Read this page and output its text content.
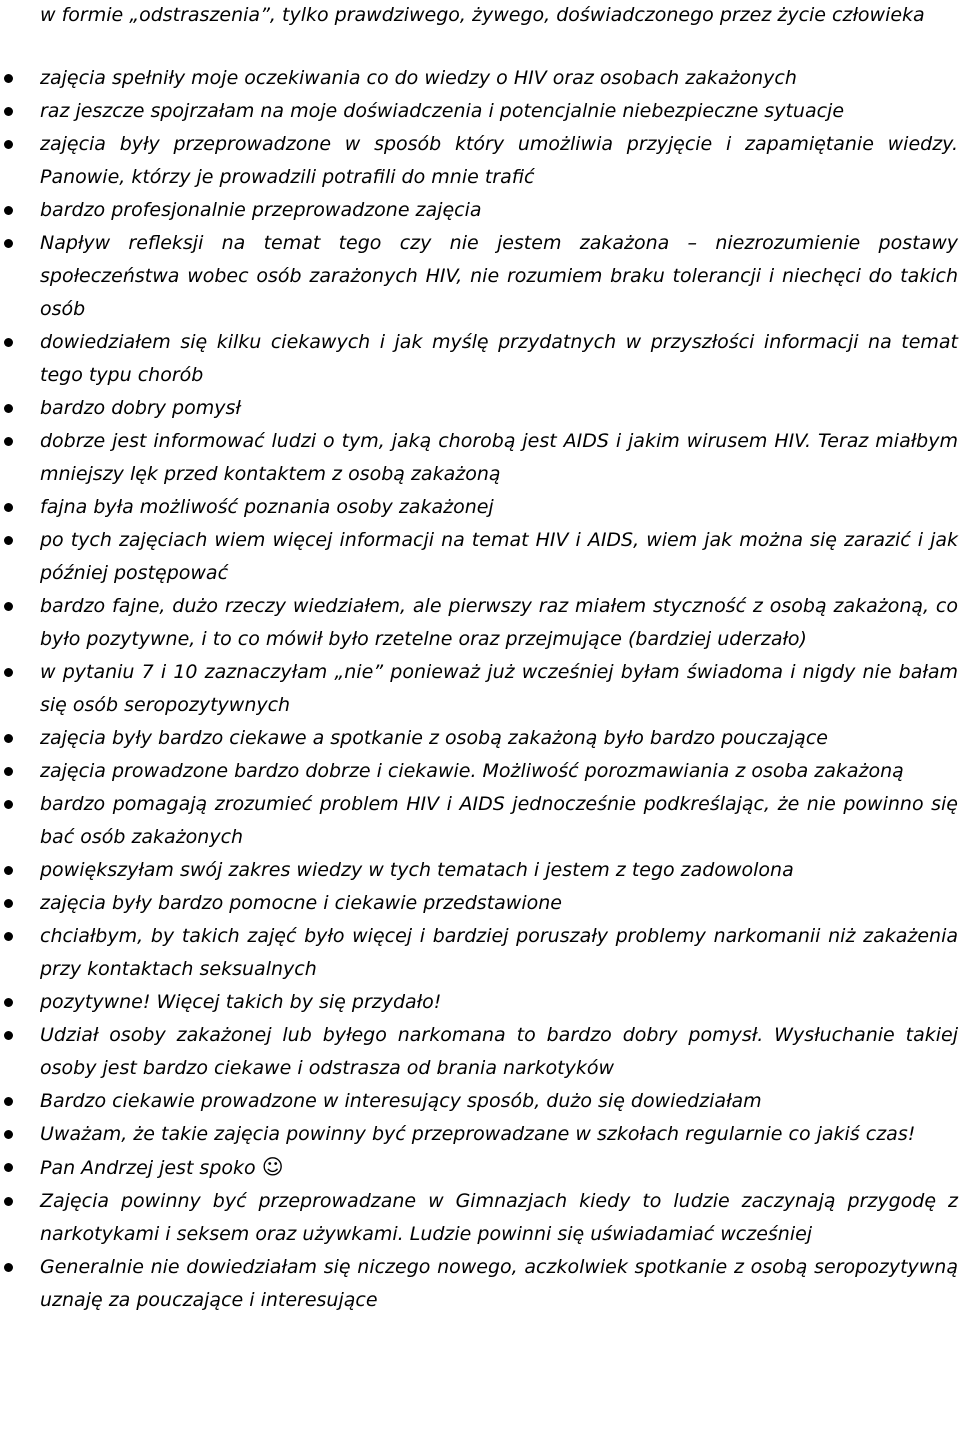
w formie „odstraszenia”, tylko prawdziwego, żywego, doświadczonego przez życie człowieka

zajęcia spełniły moje oczekiwania co do wiedzy o HIV oraz osobach zakażonych
raz jeszcze spojrzałam na moje doświadczenia i potencjalnie niebezpieczne sytuacje
zajęcia były przeprowadzone w sposób który umożliwia przyjęcie i zapamiętanie wiedzy. Panowie, którzy je prowadzili potrafili do mnie trafić
bardzo profesjonalnie przeprowadzone zajęcia
Napływ refleksji na temat tego czy nie jestem zakażona – niezrozumienie postawy społeczeństwa wobec osób zarażonych HIV, nie rozumiem braku tolerancji i niechęci do takich osób
dowiedziałem się kilku ciekawych i jak myślę przydatnych w przyszłości informacji na temat tego typu chorób
bardzo dobry pomysł
dobrze jest informować ludzi o tym, jaką chorobą jest AIDS i jakim wirusem HIV. Teraz miałbym mniejszy lęk przed kontaktem z osobą zakażoną
fajna była możliwość poznania osoby zakażonej
po tych zajęciach wiem więcej informacji na temat HIV i AIDS, wiem jak można się zarazić i jak później postępować
bardzo fajne, dużo rzeczy wiedziałem, ale pierwszy raz miałem styczność z osobą zakażoną, co było pozytywne, i to co mówił było rzetelne oraz przejmujące (bardziej uderzało)
w pytaniu 7 i 10 zaznaczyłam „nie” ponieważ już wcześniej byłam świadoma i nigdy nie bałam się osób seropozytywnych
zajęcia były bardzo ciekawe a spotkanie z osobą zakażoną było bardzo pouczające
zajęcia prowadzone bardzo dobrze i ciekawie. Możliwość porozmawiania z osoba zakażoną
bardzo pomagają zrozumieć problem HIV i AIDS jednocześnie podkreślając, że nie powinno się bać osób zakażonych
powiększyłam swój zakres wiedzy w tych tematach i jestem z tego zadowolona
zajęcia były bardzo pomocne i ciekawie przedstawione
chciałbym, by takich zajęć było więcej i bardziej poruszały problemy narkomanii niż zakażenia przy kontaktach seksualnych
pozytywne! Więcej takich by się przydało!
Udział osoby zakażonej lub byłego narkomana to bardzo dobry pomysł. Wysłuchanie takiej osoby jest bardzo ciekawe i odstrasza od brania narkotyków
Bardzo ciekawie prowadzone w interesujący sposób, dużo się dowiedziałam
Uważam, że takie zajęcia powinny być przeprowadzane w szkołach regularnie co jakiś czas!
Pan Andrzej jest spoko ☺
Zajęcia powinny być przeprowadzane w Gimnazjach kiedy to ludzie zaczynają przygodę z narkotykami i seksem oraz używkami. Ludzie powinni się uświadamiać wcześniej
Generalnie nie dowiedziałam się niczego nowego, aczkolwiek spotkanie z osobą seropozytywną uznaję za pouczające i interesujące
